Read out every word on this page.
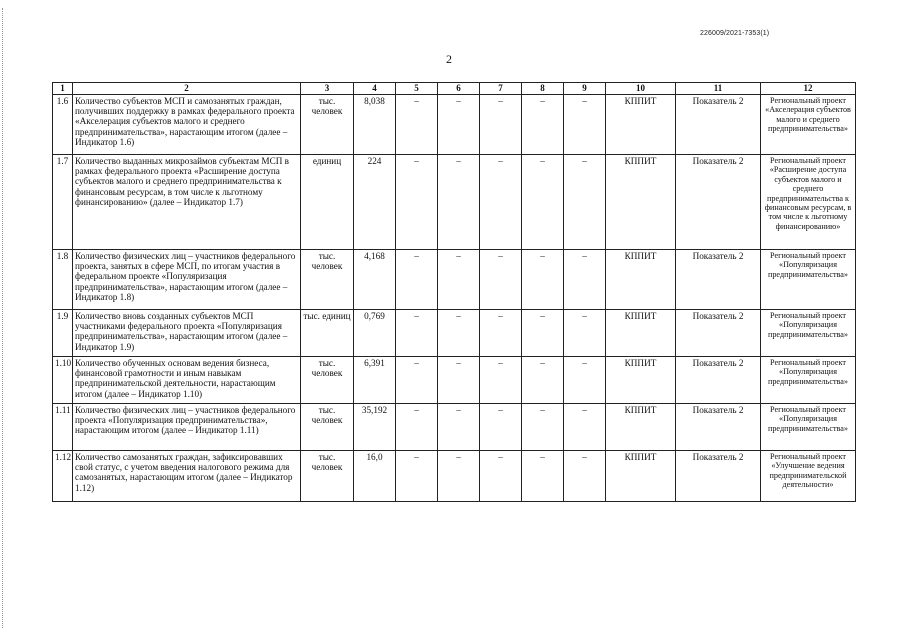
226009/2021-7353(1)
2
1	2	3	4	5	6	7	8	9	10	11	12
1.6	Количество субъектов МСП и самозанятых граждан, получивших поддержку в рамках федерального проекта «Акселерация субъектов малого и среднего предпринимательства», нарастающим итогом (далее – Индикатор 1.6)	тыс. человек	8,038	–	–	–	–	–	КППИТ	Показатель 2	Региональный проект «Акселерация субъектов малого и среднего предпринимательства»
1.7	Количество выданных микрозаймов субъектам МСП в рамках федерального проекта «Расширение доступа субъектов малого и среднего предпринимательства к финансовым ресурсам, в том числе к льготному финансированию» (далее – Индикатор 1.7)	единиц	224	–	–	–	–	–	КППИТ	Показатель 2	Региональный проект «Расширение доступа субъектов малого и среднего предпринимательства к финансовым ресурсам, в том числе к льготному финансированию»
1.8	Количество физических лиц – участников федерального проекта, занятых в сфере МСП, по итогам участия в федеральном проекте «Популяризация предпринимательства», нарастающим итогом (далее – Индикатор 1.8)	тыс. человек	4,168	–	–	–	–	–	КППИТ	Показатель 2	Региональный проект «Популяризация предпринимательства»
1.9	Количество вновь созданных субъектов МСП участниками федерального проекта «Популяризация предпринимательства», нарастающим итогом (далее – Индикатор 1.9)	тыс. единиц	0,769	–	–	–	–	–	КППИТ	Показатель 2	Региональный проект «Популяризация предпринимательства»
1.10	Количество обученных основам ведения бизнеса, финансовой грамотности и иным навыкам предпринимательской деятельности, нарастающим итогом (далее – Индикатор 1.10)	тыс. человек	6,391	–	–	–	–	–	КППИТ	Показатель 2	Региональный проект «Популяризация предпринимательства»
1.11	Количество физических лиц – участников федерального проекта «Популяризация предпринимательства», нарастающим итогом (далее – Индикатор 1.11)	тыс. человек	35,192	–	–	–	–	–	КППИТ	Показатель 2	Региональный проект «Популяризация предпринимательства»
1.12	Количество самозанятых граждан, зафиксировавших свой статус, с учетом введения налогового режима для самозанятых, нарастающим итогом (далее – Индикатор 1.12)	тыс. человек	16,0	–	–	–	–	–	КППИТ	Показатель 2	Региональный проект «Улучшение ведения предпринимательской деятельности»
